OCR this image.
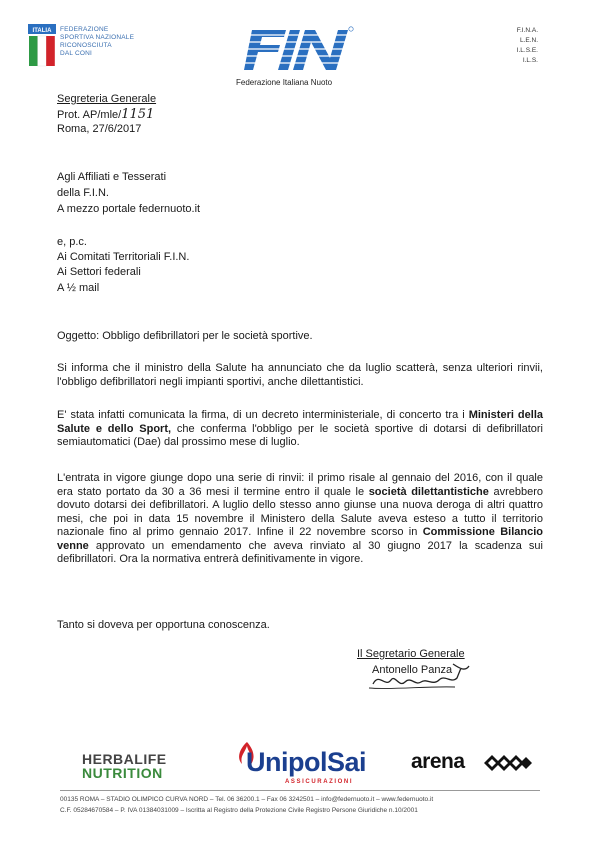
ITALIA FEDERAZIONE
SPORTIVA NAZIONALE
RICONOSCIUTA
DAL CONI
Federazione Italiana Nuoto
F.I.N.A.
L.E.N.
I.L.S.E.
I.L.S.
Segreteria Generale
Prot. AP/mle/1151
Roma, 27/6/2017
Agli Affiliati e Tesserati
della F.I.N.
A mezzo portale federnuoto.it
e, p.c.
Ai Comitati Territoriali F.I.N.
Ai Settori federali
A ½ mail

Oggetto: Obbligo defibrillatori per le società sportive.

Si informa che il ministro della Salute ha annunciato che da luglio scatterà, senza ulteriori rinvii, l'obbligo defibrillatori negli impianti sportivi, anche dilettantistici.

E' stata infatti comunicata la firma, di un decreto interministeriale, di concerto tra i Ministeri della Salute e dello Sport, che conferma l'obbligo per le società sportive di dotarsi di defibrillatori semiautomatici (Dae) dal prossimo mese di luglio.

L'entrata in vigore giunge dopo una serie di rinvii: il primo risale al gennaio del 2016, con il quale era stato portato da 30 a 36 mesi il termine entro il quale le società dilettantistiche avrebbero dovuto dotarsi dei defibrillatori. A luglio dello stesso anno giunse una nuova deroga di altri quattro mesi, che poi in data 15 novembre il Ministero della Salute aveva esteso a tutto il territorio nazionale fino al primo gennaio 2017. Infine il 22 novembre scorso in Commissione Bilancio venne approvato un emendamento che aveva rinviato al 30 giugno 2017 la scadenza sui defibrillatori. Ora la normativa entrerà definitivamente in vigore.

Tanto si doveva per opportuna conoscenza.

Il Segretario Generale
Antonello Panza
HERBALIFE
NUTRITION	UnipolSai
ASSICURAZIONI
arena
00135 ROMA – STADIO OLIMPICO CURVA NORD – Tel. 06 36200.1 – Fax 06 3242501 – info@federnuoto.it – www.federnuoto.it
C.F. 05284670584 – P. IVA 01384031009 – Iscritta al Registro della Protezione Civile Registro Persone Giuridiche n.10/2001
